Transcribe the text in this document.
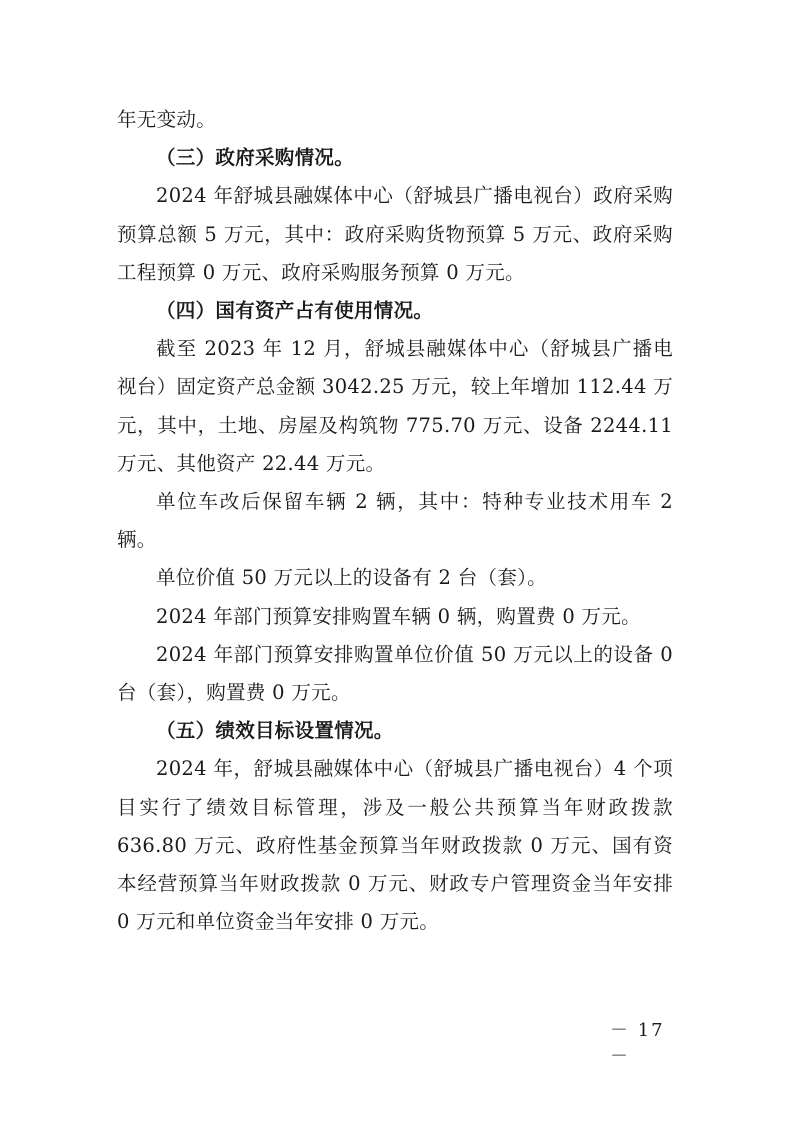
年无变动。

（三）政府采购情况。

2024 年舒城县融媒体中心（舒城县广播电视台）政府采购预算总额 5 万元，其中：政府采购货物预算 5 万元、政府采购工程预算 0 万元、政府采购服务预算 0 万元。

（四）国有资产占有使用情况。

截至 2023 年 12 月，舒城县融媒体中心（舒城县广播电视台）固定资产总金额 3042.25 万元，较上年增加 112.44 万元，其中，土地、房屋及构筑物 775.70 万元、设备 2244.11 万元、其他资产 22.44 万元。

单位车改后保留车辆 2 辆，其中：特种专业技术用车 2 辆。

单位价值 50 万元以上的设备有 2 台（套）。

2024 年部门预算安排购置车辆 0 辆，购置费 0 万元。

2024 年部门预算安排购置单位价值 50 万元以上的设备 0 台（套），购置费 0 万元。

（五）绩效目标设置情况。

2024 年，舒城县融媒体中心（舒城县广播电视台）4 个项目实行了绩效目标管理，涉及一般公共预算当年财政拨款 636.80 万元、政府性基金预算当年财政拨款 0 万元、国有资本经营预算当年财政拨款 0 万元、财政专户管理资金当年安排 0 万元和单位资金当年安排 0 万元。

－ 17 －
